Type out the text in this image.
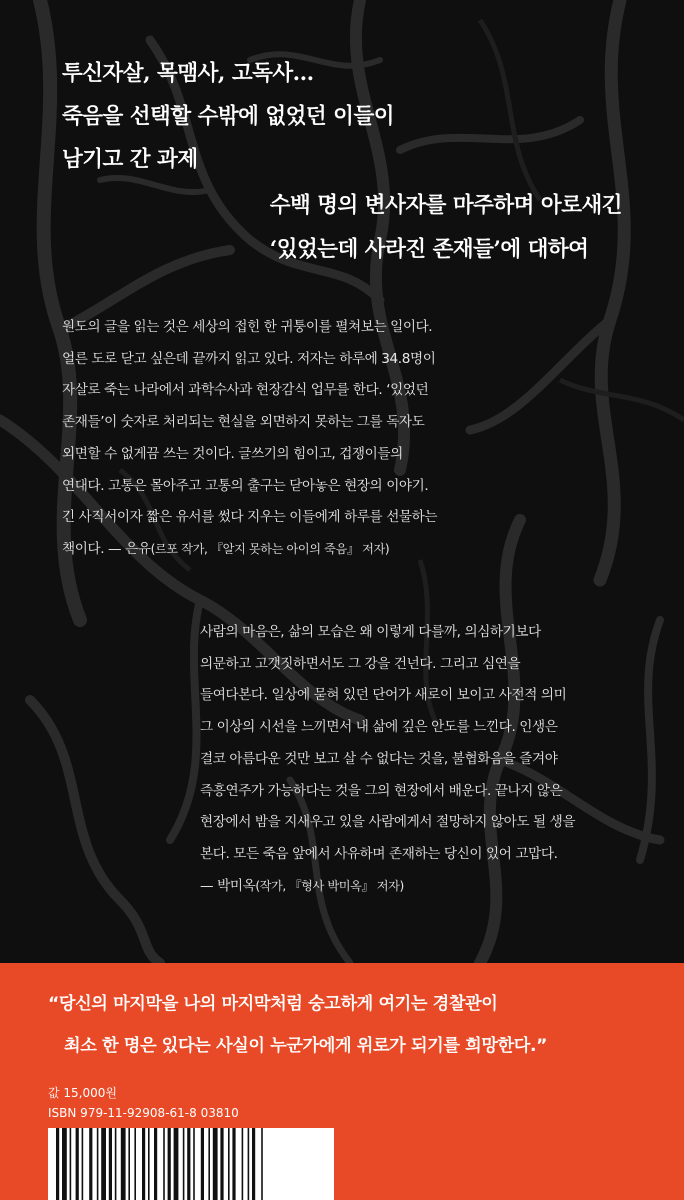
투신자살, 목맴사, 고독사…
죽음을 선택할 수밖에 없었던 이들이
남기고 간 과제
수백 명의 변사자를 마주하며 아로새긴
‘있었는데 사라진 존재들’에 대하여
원도의 글을 읽는 것은 세상의 접힌 한 귀퉁이를 펼쳐보는 일이다.
얼른 도로 닫고 싶은데 끝까지 읽고 있다. 저자는 하루에 34.8명이
자살로 죽는 나라에서 과학수사과 현장감식 업무를 한다. ‘있었던
존재들’이 숫자로 처리되는 현실을 외면하지 못하는 그를 독자도
외면할 수 없게끔 쓰는 것이다. 글쓰기의 힘이고, 겁쟁이들의
연대다. 고통은 몰아주고 고통의 출구는 닫아놓은 현장의 이야기.
긴 사직서이자 짧은 유서를 썼다 지우는 이들에게 하루를 선물하는
책이다. — 은유(르포 작가, 『알지 못하는 아이의 죽음』 저자)
사람의 마음은, 삶의 모습은 왜 이렇게 다를까, 의심하기보다
의문하고 고갯짓하면서도 그 강을 건넌다. 그리고 심연을
들여다본다. 일상에 묻혀 있던 단어가 새로이 보이고 사전적 의미
그 이상의 시선을 느끼면서 내 삶에 깊은 안도를 느낀다. 인생은
결코 아름다운 것만 보고 살 수 없다는 것을, 불협화음을 즐겨야
즉흥연주가 가능하다는 것을 그의 현장에서 배운다. 끝나지 않은
현장에서 밤을 지새우고 있을 사람에게서 절망하지 않아도 될 생을
본다. 모든 죽음 앞에서 사유하며 존재하는 당신이 있어 고맙다.
— 박미옥(작가, 『형사 박미옥』 저자)
“당신의 마지막을 나의 마지막처럼 숭고하게 여기는 경찰관이
최소 한 명은 있다는 사실이 누군가에게 위로가 되기를 희망한다.”
값 15,000원
ISBN 979-11-92908-61-8 03810
